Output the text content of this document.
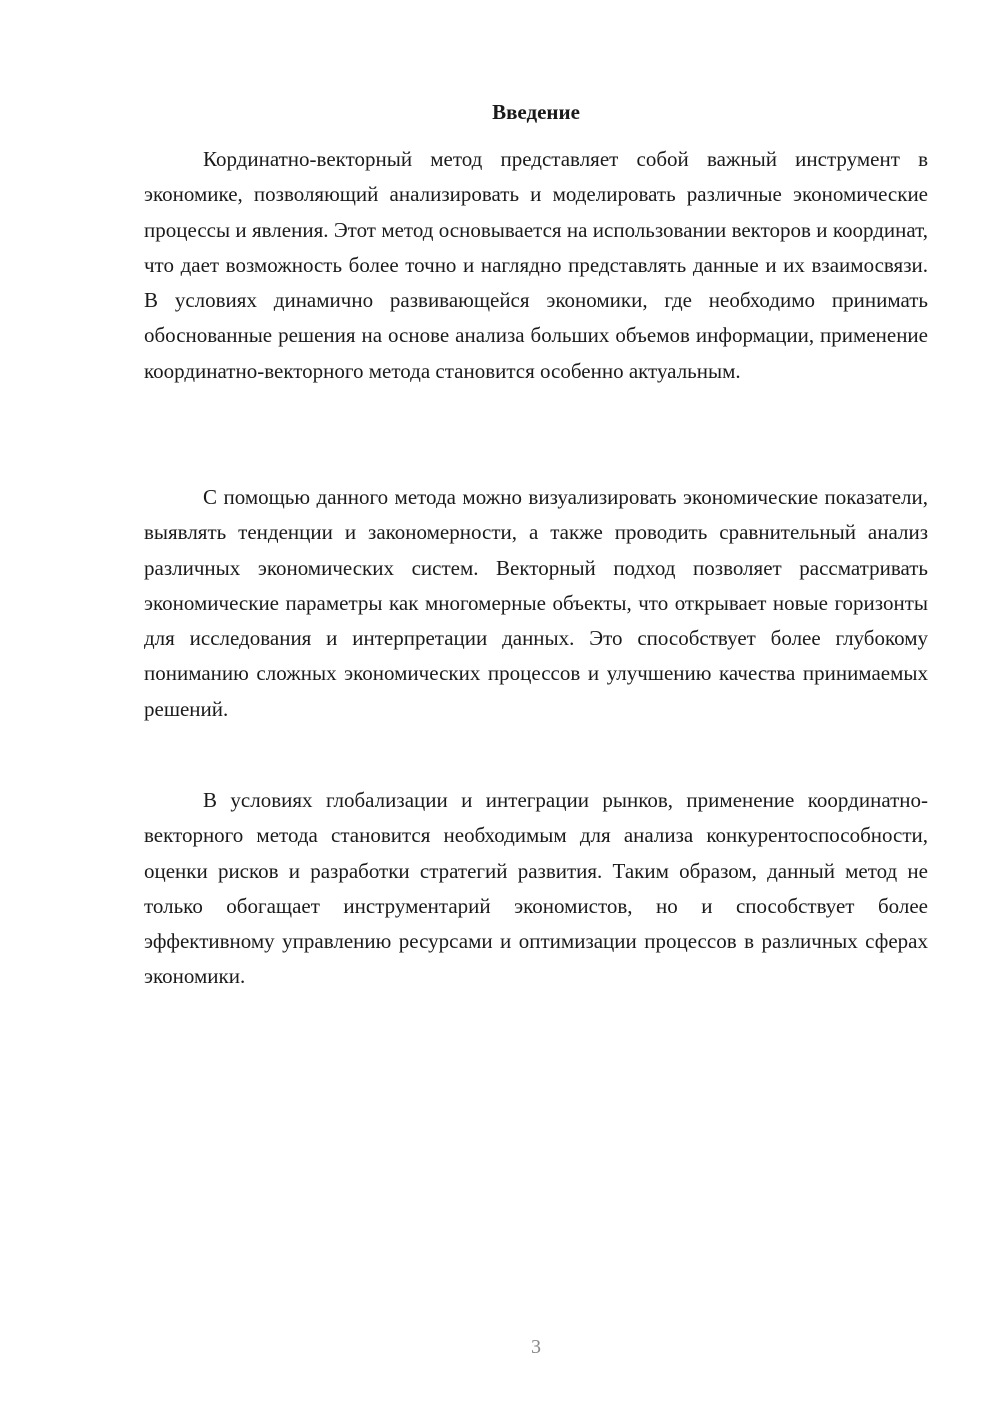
Введение

Кординатно-векторный метод представляет собой важный инструмент в экономике, позволяющий анализировать и моделировать различные экономические процессы и явления. Этот метод основывается на использовании векторов и координат, что дает возможность более точно и наглядно представлять данные и их взаимосвязи. В условиях динамично развивающейся экономики, где необходимо принимать обоснованные решения на основе анализа больших объемов информации, применение координатно-векторного метода становится особенно актуальным.

С помощью данного метода можно визуализировать экономические показатели, выявлять тенденции и закономерности, а также проводить сравнительный анализ различных экономических систем. Векторный подход позволяет рассматривать экономические параметры как многомерные объекты, что открывает новые горизонты для исследования и интерпретации данных. Это способствует более глубокому пониманию сложных экономических процессов и улучшению качества принимаемых решений.

В условиях глобализации и интеграции рынков, применение координатно-векторного метода становится необходимым для анализа конкурентоспособности, оценки рисков и разработки стратегий развития. Таким образом, данный метод не только обогащает инструментарий экономистов, но и способствует более эффективному управлению ресурсами и оптимизации процессов в различных сферах экономики.

3
